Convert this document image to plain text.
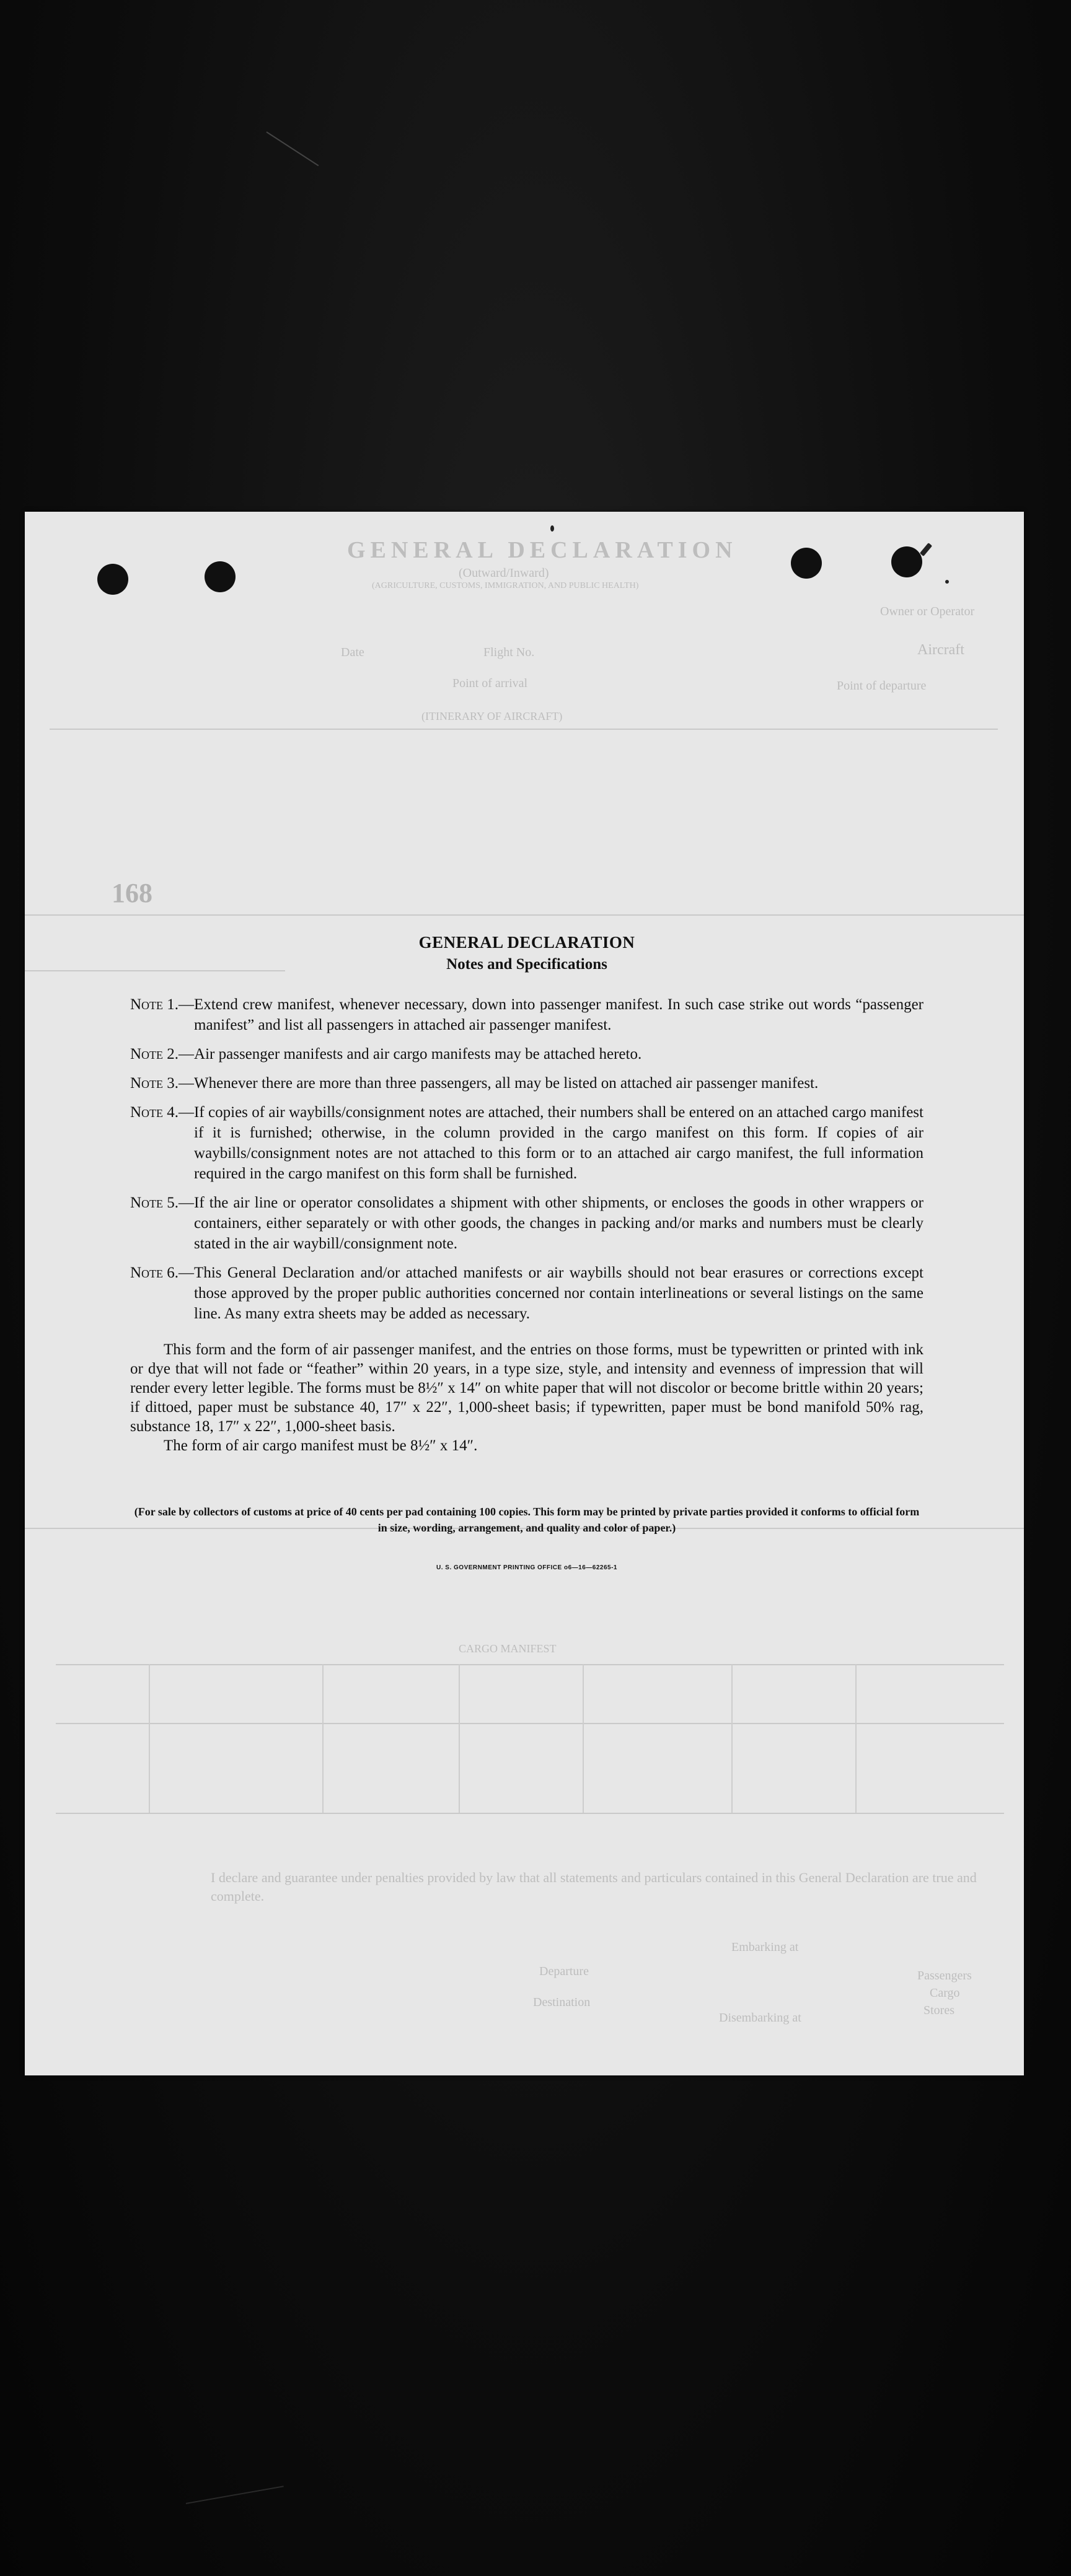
GENERAL DECLARATION
(Outward/Inward)
(AGRICULTURE, CUSTOMS, IMMIGRATION, AND PUBLIC HEALTH)
Owner or Operator
Aircraft
Flight No.
Date
Point of departure
Point of arrival
(ITINERARY OF AIRCRAFT)
168
CARGO MANIFEST
I declare and guarantee under penalties provided by law that all statements and particulars contained in this General Declaration are true and complete.
Embarking at
Departure	Passengers
Cargo
Stores
Destination
Disembarking at
GENERAL DECLARATION
Notes and Specifications
Note 1.— Extend crew manifest, whenever necessary, down into passenger manifest. In such case strike out words “passenger manifest” and list all passengers in attached air passenger manifest.
Note 2.— Air passenger manifests and air cargo manifests may be attached hereto.
Note 3.— Whenever there are more than three passengers, all may be listed on attached air passenger manifest.
Note 4.— If copies of air waybills/consignment notes are attached, their numbers shall be entered on an attached cargo manifest if it is furnished; otherwise, in the column provided in the cargo manifest on this form. If copies of air waybills/consignment notes are not attached to this form or to an attached air cargo manifest, the full information required in the cargo manifest on this form shall be furnished.
Note 5.— If the air line or operator consolidates a shipment with other shipments, or encloses the goods in other wrappers or containers, either separately or with other goods, the changes in packing and/or marks and numbers must be clearly stated in the air waybill/consignment note.
Note 6.— This General Declaration and/or attached manifests or air waybills should not bear erasures or corrections except those approved by the proper public authorities concerned nor contain interlineations or several listings on the same line. As many extra sheets may be added as necessary.

This form and the form of air passenger manifest, and the entries on those forms, must be typewritten or printed with ink or dye that will not fade or “feather” within 20 years, in a type size, style, and intensity and evenness of impression that will render every letter legible. The forms must be 8½″ x 14″ on white paper that will not discolor or become brittle within 20 years; if dittoed, paper must be substance 40, 17″ x 22″, 1,000-sheet basis; if typewritten, paper must be bond manifold 50% rag, substance 18, 17″ x 22″, 1,000-sheet basis.

The form of air cargo manifest must be 8½″ x 14″.

(For sale by collectors of customs at price of 40 cents per pad containing 100 copies. This form may be printed by private parties provided it conforms to official form in size, wording, arrangement, and quality and color of paper.)

U. S. GOVERNMENT PRINTING OFFICE o6—16—62265-1
